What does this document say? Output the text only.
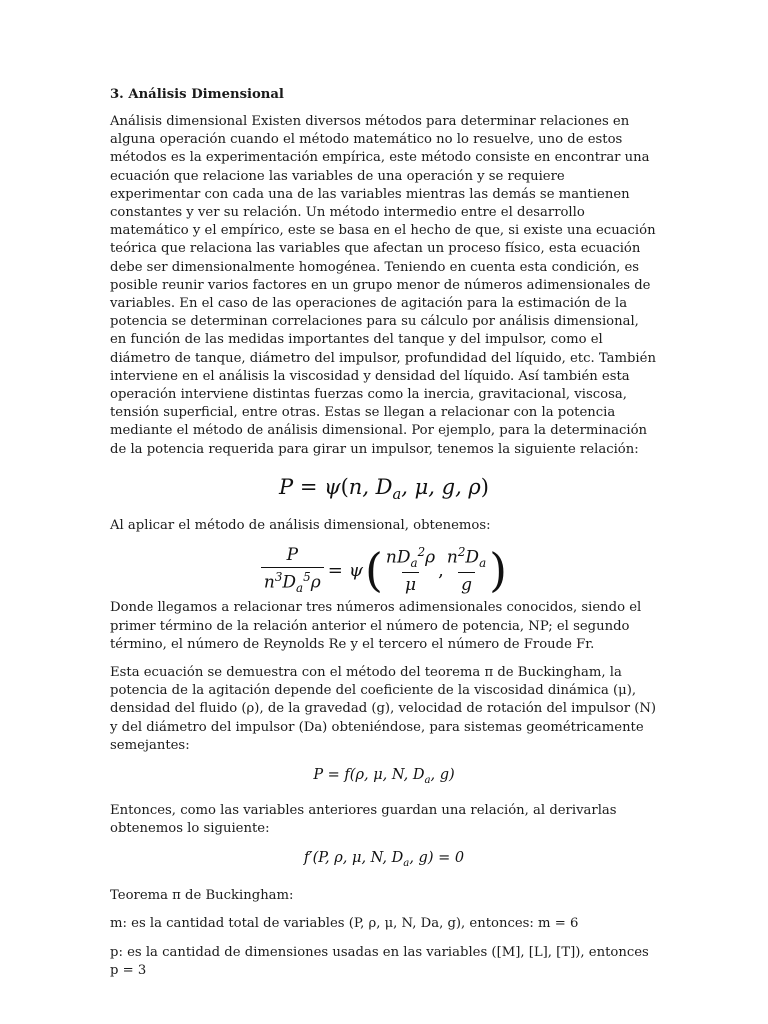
3. Análisis Dimensional

Análisis dimensional Existen diversos métodos para determinar relaciones en alguna operación cuando el método matemático no lo resuelve, uno de estos métodos es la experimentación empírica, este método consiste en encontrar una ecuación que relacione las variables de una operación y se requiere experimentar con cada una de las variables mientras las demás se mantienen constantes y ver su relación. Un método intermedio entre el desarrollo matemático y el empírico, este se basa en el hecho de que, si existe una ecuación teórica que relaciona las variables que afectan un proceso físico, esta ecuación debe ser dimensionalmente homogénea. Teniendo en cuenta esta condición, es posible reunir varios factores en un grupo menor de números adimensionales de variables. En el caso de las operaciones de agitación para la estimación de la potencia se determinan correlaciones para su cálculo por análisis dimensional, en función de las medidas importantes del tanque y del impulsor, como el diámetro de tanque, diámetro del impulsor, profundidad del líquido, etc. También interviene en el análisis la viscosidad y densidad del líquido. Así también esta operación interviene distintas fuerzas como la inercia, gravitacional, viscosa, tensión superficial, entre otras. Estas se llegan a relacionar con la potencia mediante el método de análisis dimensional. Por ejemplo, para la determinación de la potencia requerida para girar un impulsor, tenemos la siguiente relación:

P = ψ(n, $D_a$, μ, g, ρ)

Al aplicar el método de análisis dimensional, obtenemos:

$\frac{P}{n^3D_a^5\rho} = \psi$ ( $\frac{nD_a^2\rho}{\mu}$ , $\frac{n^2D_a}{g}$ )

Donde llegamos a relacionar tres números adimensionales conocidos, siendo el primer término de la relación anterior el número de potencia, NP; el segundo término, el número de Reynolds Re y el tercero el número de Froude Fr.

Esta ecuación se demuestra con el método del teorema π de Buckingham, la potencia de la agitación depende del coeficiente de la viscosidad dinámica (μ), densidad del fluido (ρ), de la gravedad (g), velocidad de rotación del impulsor (N) y del diámetro del impulsor (Da) obteniéndose, para sistemas geométricamente semejantes:

P = f(ρ, μ, N, $D_a$, g)

Entonces, como las variables anteriores guardan una relación, al derivarlas obtenemos lo siguiente:

f′(P, ρ, μ, N, $D_a$, g) = 0

Teorema π de Buckingham:

m: es la cantidad total de variables (P, ρ, μ, N, Da, g), entonces: m = 6

p: es la cantidad de dimensiones usadas en las variables ([M], [L], [T]), entonces p = 3
